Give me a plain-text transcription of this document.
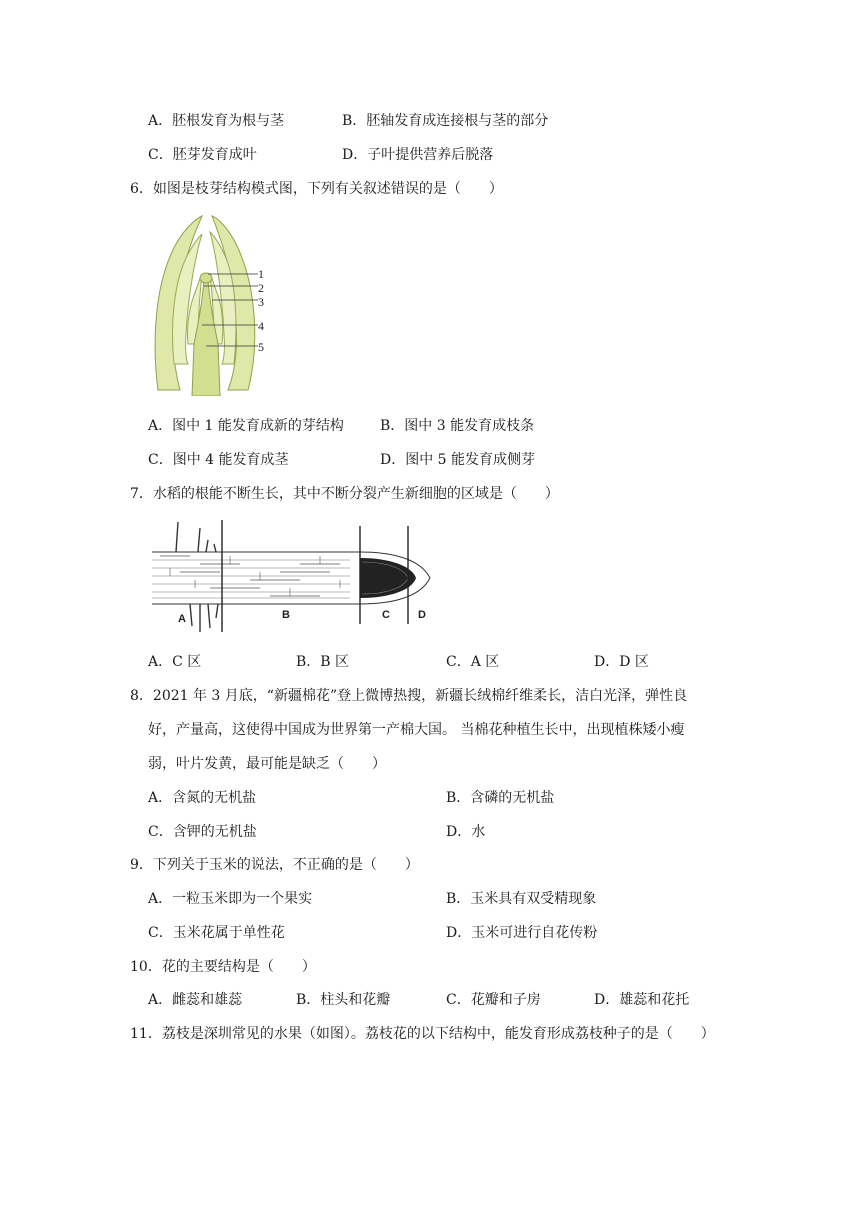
A．胚根发育为根与茎	B．胚轴发育成连接根与茎的部分
C．胚芽发育成叶	D．子叶提供营养后脱落
6．如图是枝芽结构模式图，下列有关叙述错误的是（　　）
1
2
3
4
5
A．图中 1 能发育成新的芽结构	B．图中 3 能发育成枝条
C．图中 4 能发育成茎	D．图中 5 能发育成侧芽
7．水稻的根能不断生长，其中不断分裂产生新细胞的区域是（　　）
A	B	C	D
A．C 区	B．B 区	C．A 区	D．D 区
8．2021 年 3 月底，“新疆棉花”登上微博热搜，新疆长绒棉纤维柔长，洁白光泽，弹性良
好，产量高，这使得中国成为世界第一产棉大国。 当棉花种植生长中，出现植株矮小瘦
弱，叶片发黄，最可能是缺乏（　　）
A．含氮的无机盐	B．含磷的无机盐
C．含钾的无机盐	D．水
9．下列关于玉米的说法，不正确的是（　　）
A．一粒玉米即为一个果实	B．玉米具有双受精现象
C．玉米花属于单性花	D．玉米可进行自花传粉
10．花的主要结构是（　　）
A．雌蕊和雄蕊	B．柱头和花瓣	C．花瓣和子房	D．雄蕊和花托
11．荔枝是深圳常见的水果（如图）。荔枝花的以下结构中，能发育形成荔枝种子的是（　　）
